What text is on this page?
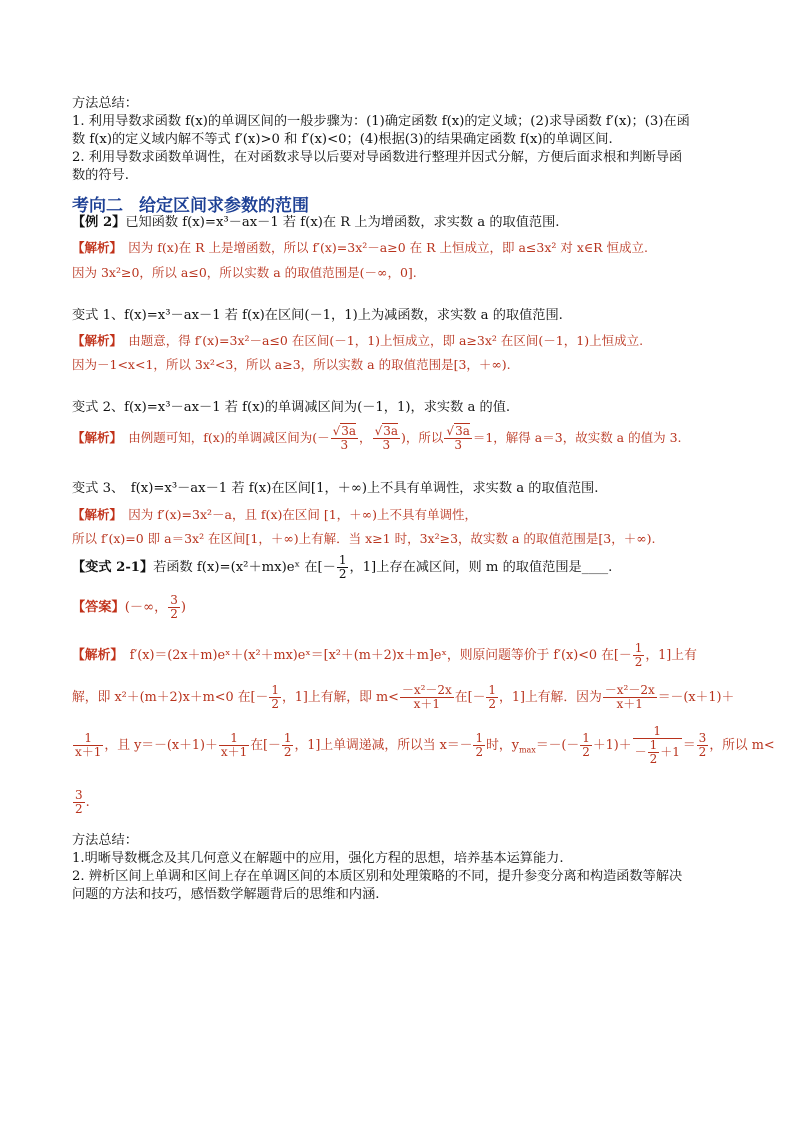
方法总结：
1. 利用导数求函数 f(x)的单调区间的一般步骤为：(1)确定函数 f(x)的定义域；(2)求导函数 f′(x)；(3)在函
数 f(x)的定义域内解不等式 f′(x)>0 和 f′(x)<0；(4)根据(3)的结果确定函数 f(x)的单调区间.
2. 利用导数求函数单调性，在对函数求导以后要对导函数进行整理并因式分解，方便后面求根和判断导函
数的符号.
考向二 给定区间求参数的范围
【例 2】已知函数 f(x)=x³－ax－1 若 f(x)在 R 上为增函数，求实数 a 的取值范围.
【解析】　 因为 f(x)在 R 上是增函数，所以 f′(x)=3x²－a≥0 在 R 上恒成立，即 a≤3x² 对 x∈R 恒成立.
因为 3x²≥0，所以 a≤0，所以实数 a 的取值范围是(－∞，0].
变式 1、f(x)=x³－ax－1 若 f(x)在区间(－1，1)上为减函数，求实数 a 的取值范围.
【解析】　 由题意，得 f′(x)=3x²－a≤0 在区间(－1，1)上恒成立，即 a≥3x² 在区间(－1，1)上恒成立.
因为－1<x<1，所以 3x²<3，所以 a≥3，所以实数 a 的取值范围是[3，＋∞).
变式 2、f(x)=x³－ax－1 若 f(x)的单调减区间为(－1，1)，求实数 a 的值.
【解析】　 由例题可知，f(x)的单调减区间为(－ $\frac{√3a}{3}$ ， $\frac{√3a}{3}$ )，所以 $\frac{√3a}{3} =1$，解得 a＝3，故实数 a 的值为 3.
变式 3、　f(x)=x³－ax－1 若 f(x)在区间[1，＋∞)上不具有单调性，求实数 a 的取值范围.
【解析】　 因为 f′(x)=3x²－a，且 f(x)在区间 [1，＋∞)上不具有单调性，
所以 f′(x)=0 即 a＝3x² 在区间[1，＋∞)上有解．当 x≥1 时，3x²≥3，故实数 a 的取值范围是[3，＋∞).
【变式 2-1】若函数 f(x)=(x²＋mx)eˣ 在[－ $\frac{1}{2}$ ，1]上存在减区间，则 m 的取值范围是____.
【答案】(－∞， $\frac{3}{2}$ )
【解析】　 f′(x)＝(2x＋m)eˣ＋(x²＋mx)eˣ＝[x²＋(m＋2)x＋m]eˣ，则原问题等价于 f′(x)<0 在[－ $\frac{1}{2}$ ，1]上有
解，即 x²＋(m＋2)x＋m<0 在[－ $\frac{1}{2}$ ，1]上有解，即 $m< \frac{\text{－x²－2x}}{x+1}$ 在[－ $\frac{1}{2}$ ，1]上有解．因为 $\frac{\text{－x²－2x}}{x+1} =-(x+1)+$
$\frac{1}{x+1}$ ，且 $y=-(x+1)+ \frac{1}{x+1}$ 在[－ $\frac{1}{2}$ ，1]上单调递减，所以当 $x=- \frac{1}{2}$ 时，$y_{max}=-(- \frac{1}{2} +1)+ \frac{1}{- \frac{1}{2} +1} = \frac{3}{2}$ ，所以 m<
$\frac{3}{2}$ .
方法总结：
1.明晰导数概念及其几何意义在解题中的应用，强化方程的思想，培养基本运算能力.
2. 辨析区间上单调和区间上存在单调区间的本质区别和处理策略的不同，提升参变分离和构造函数等解决
问题的方法和技巧，感悟数学解题背后的思维和内涵.
